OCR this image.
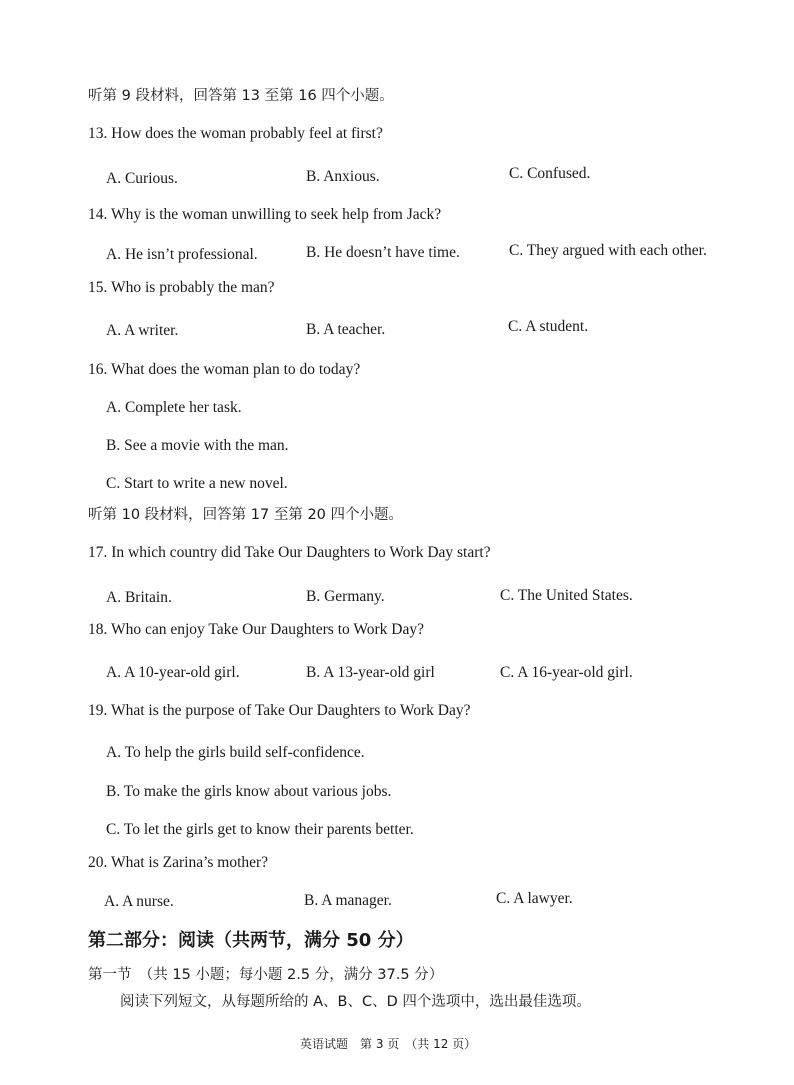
听第 9 段材料，回答第 13 至第 16 四个小题。
13. How does the woman probably feel at first?
A. Curious.	B. Anxious.	C. Confused.
14. Why is the woman unwilling to seek help from Jack?
A. He isn’t professional.	B. He doesn’t have time.	C. They argued with each other.
15. Who is probably the man?
A. A writer.	B. A teacher.	C. A student.
16. What does the woman plan to do today?
A. Complete her task.
B. See a movie with the man.
C. Start to write a new novel.
听第 10 段材料，回答第 17 至第 20 四个小题。
17. In which country did Take Our Daughters to Work Day start?
A. Britain.	B. Germany.	C. The United States.
18. Who can enjoy Take Our Daughters to Work Day?
A. A 10-year-old girl.	B. A 13-year-old girl	C. A 16-year-old girl.
19. What is the purpose of Take Our Daughters to Work Day?
A. To help the girls build self-confidence.
B. To make the girls know about various jobs.
C. To let the girls get to know their parents better.
20. What is Zarina’s mother?
A. A nurse.	B. A manager.	C. A lawyer.
第二部分：阅读（共两节，满分 50 分）
第一节　（共 15 小题；每小题 2.5 分，满分 37.5 分）
阅读下列短文，从每题所给的 A、B、C、D 四个选项中，选出最佳选项。
英语试题　第 3 页　（共 12 页）
